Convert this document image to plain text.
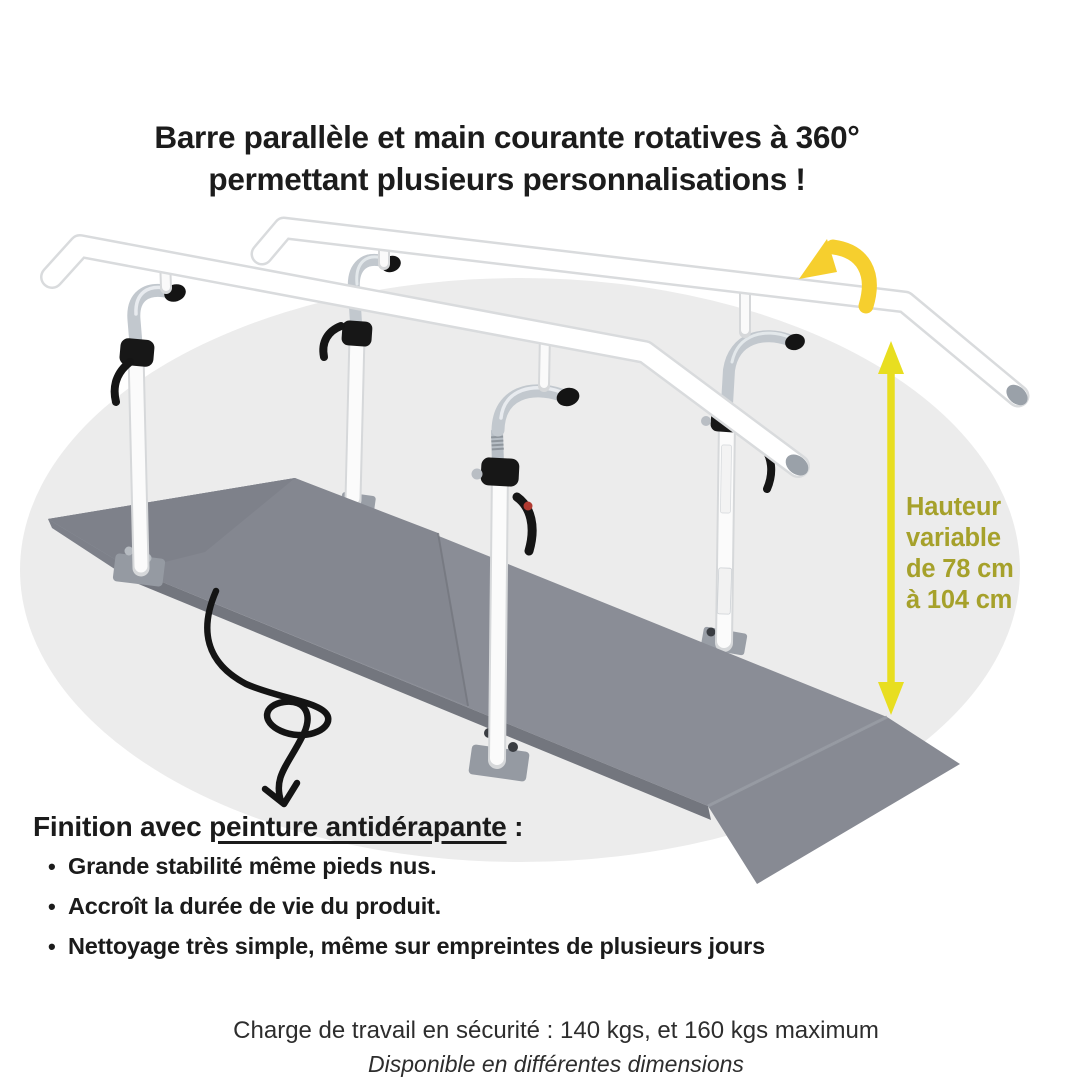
Barre parallèle et main courante rotatives à 360°
permettant plusieurs personnalisations !
Hauteur
variable
de 78 cm
à 104 cm
Finition avec peinture antidérapante :
• Grande stabilité même pieds nus.
• Accroît la durée de vie du produit.
• Nettoyage très simple, même sur empreintes de plusieurs jours
Charge de travail en sécurité : 140 kgs, et 160 kgs maximum
Disponible en différentes dimensions
